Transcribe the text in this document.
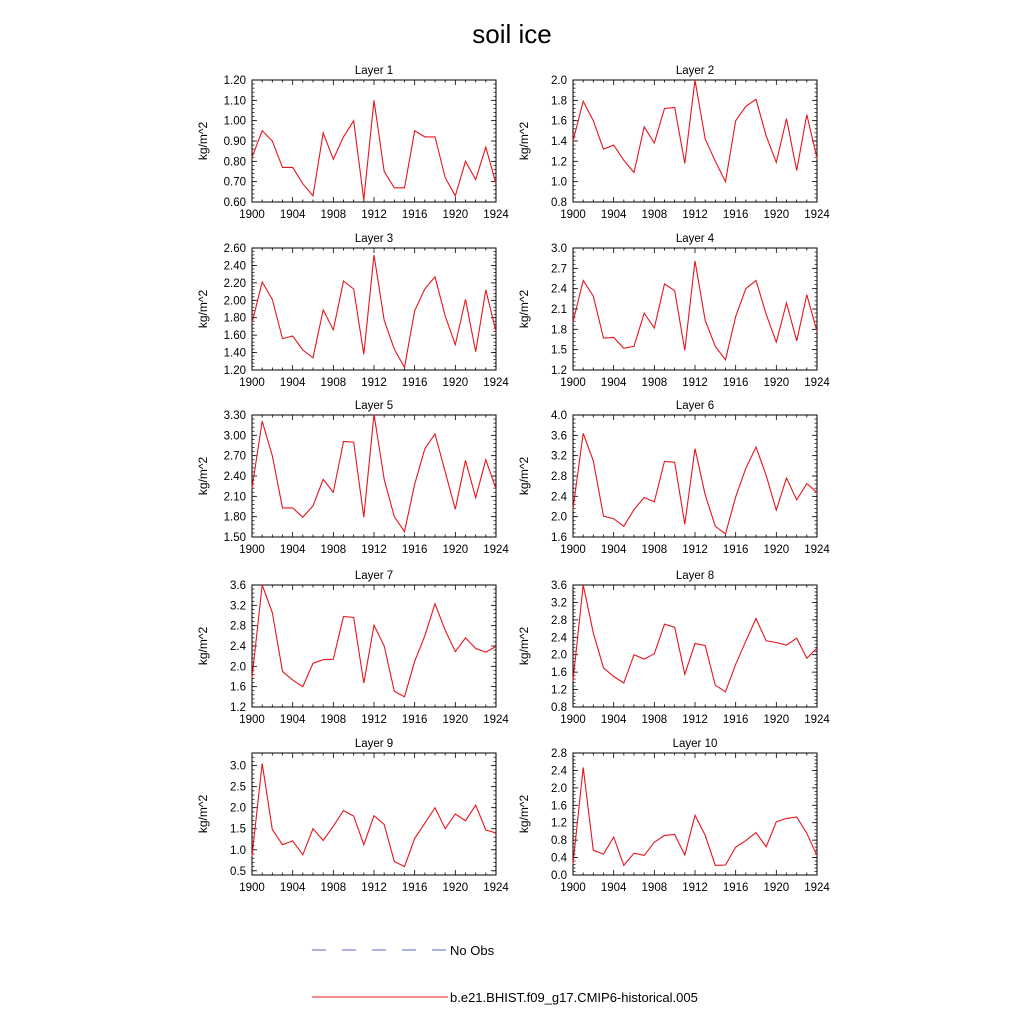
soil ice
Layer 1
1900 1904 1908 1912 1916 1920 1924
0.60
0.70
0.80
0.90
1.00
1.10
1.20
kg/m^2
Layer 2
1900 1904 1908 1912 1916 1920 1924
0.8
1.0
1.2
1.4
1.6
1.8
2.0
kg/m^2
Layer 3
1900 1904 1908 1912 1916 1920 1924
1.20
1.40
1.60
1.80
2.00
2.20
2.40
2.60
kg/m^2
Layer 4
1900 1904 1908 1912 1916 1920 1924
1.2
1.5
1.8
2.1
2.4
2.7
3.0
kg/m^2
Layer 5
1900 1904 1908 1912 1916 1920 1924
1.50
1.80
2.10
2.40
2.70
3.00
3.30
kg/m^2
Layer 6
1900 1904 1908 1912 1916 1920 1924
1.6
2.0
2.4
2.8
3.2
3.6
4.0
kg/m^2
Layer 7
1900 1904 1908 1912 1916 1920 1924
1.2
1.6
2.0
2.4
2.8
3.2
3.6
kg/m^2
Layer 8
1900 1904 1908 1912 1916 1920 1924
0.8
1.2
1.6
2.0
2.4
2.8
3.2
3.6
kg/m^2
Layer 9
1900 1904 1908 1912 1916 1920 1924
0.5
1.0
1.5
2.0
2.5
3.0
kg/m^2
Layer 10
1900 1904 1908 1912 1916 1920 1924
0.0
0.4
0.8
1.2
1.6
2.0
2.4
2.8
kg/m^2
No Obs
b.e21.BHIST.f09_g17.CMIP6-historical.005
